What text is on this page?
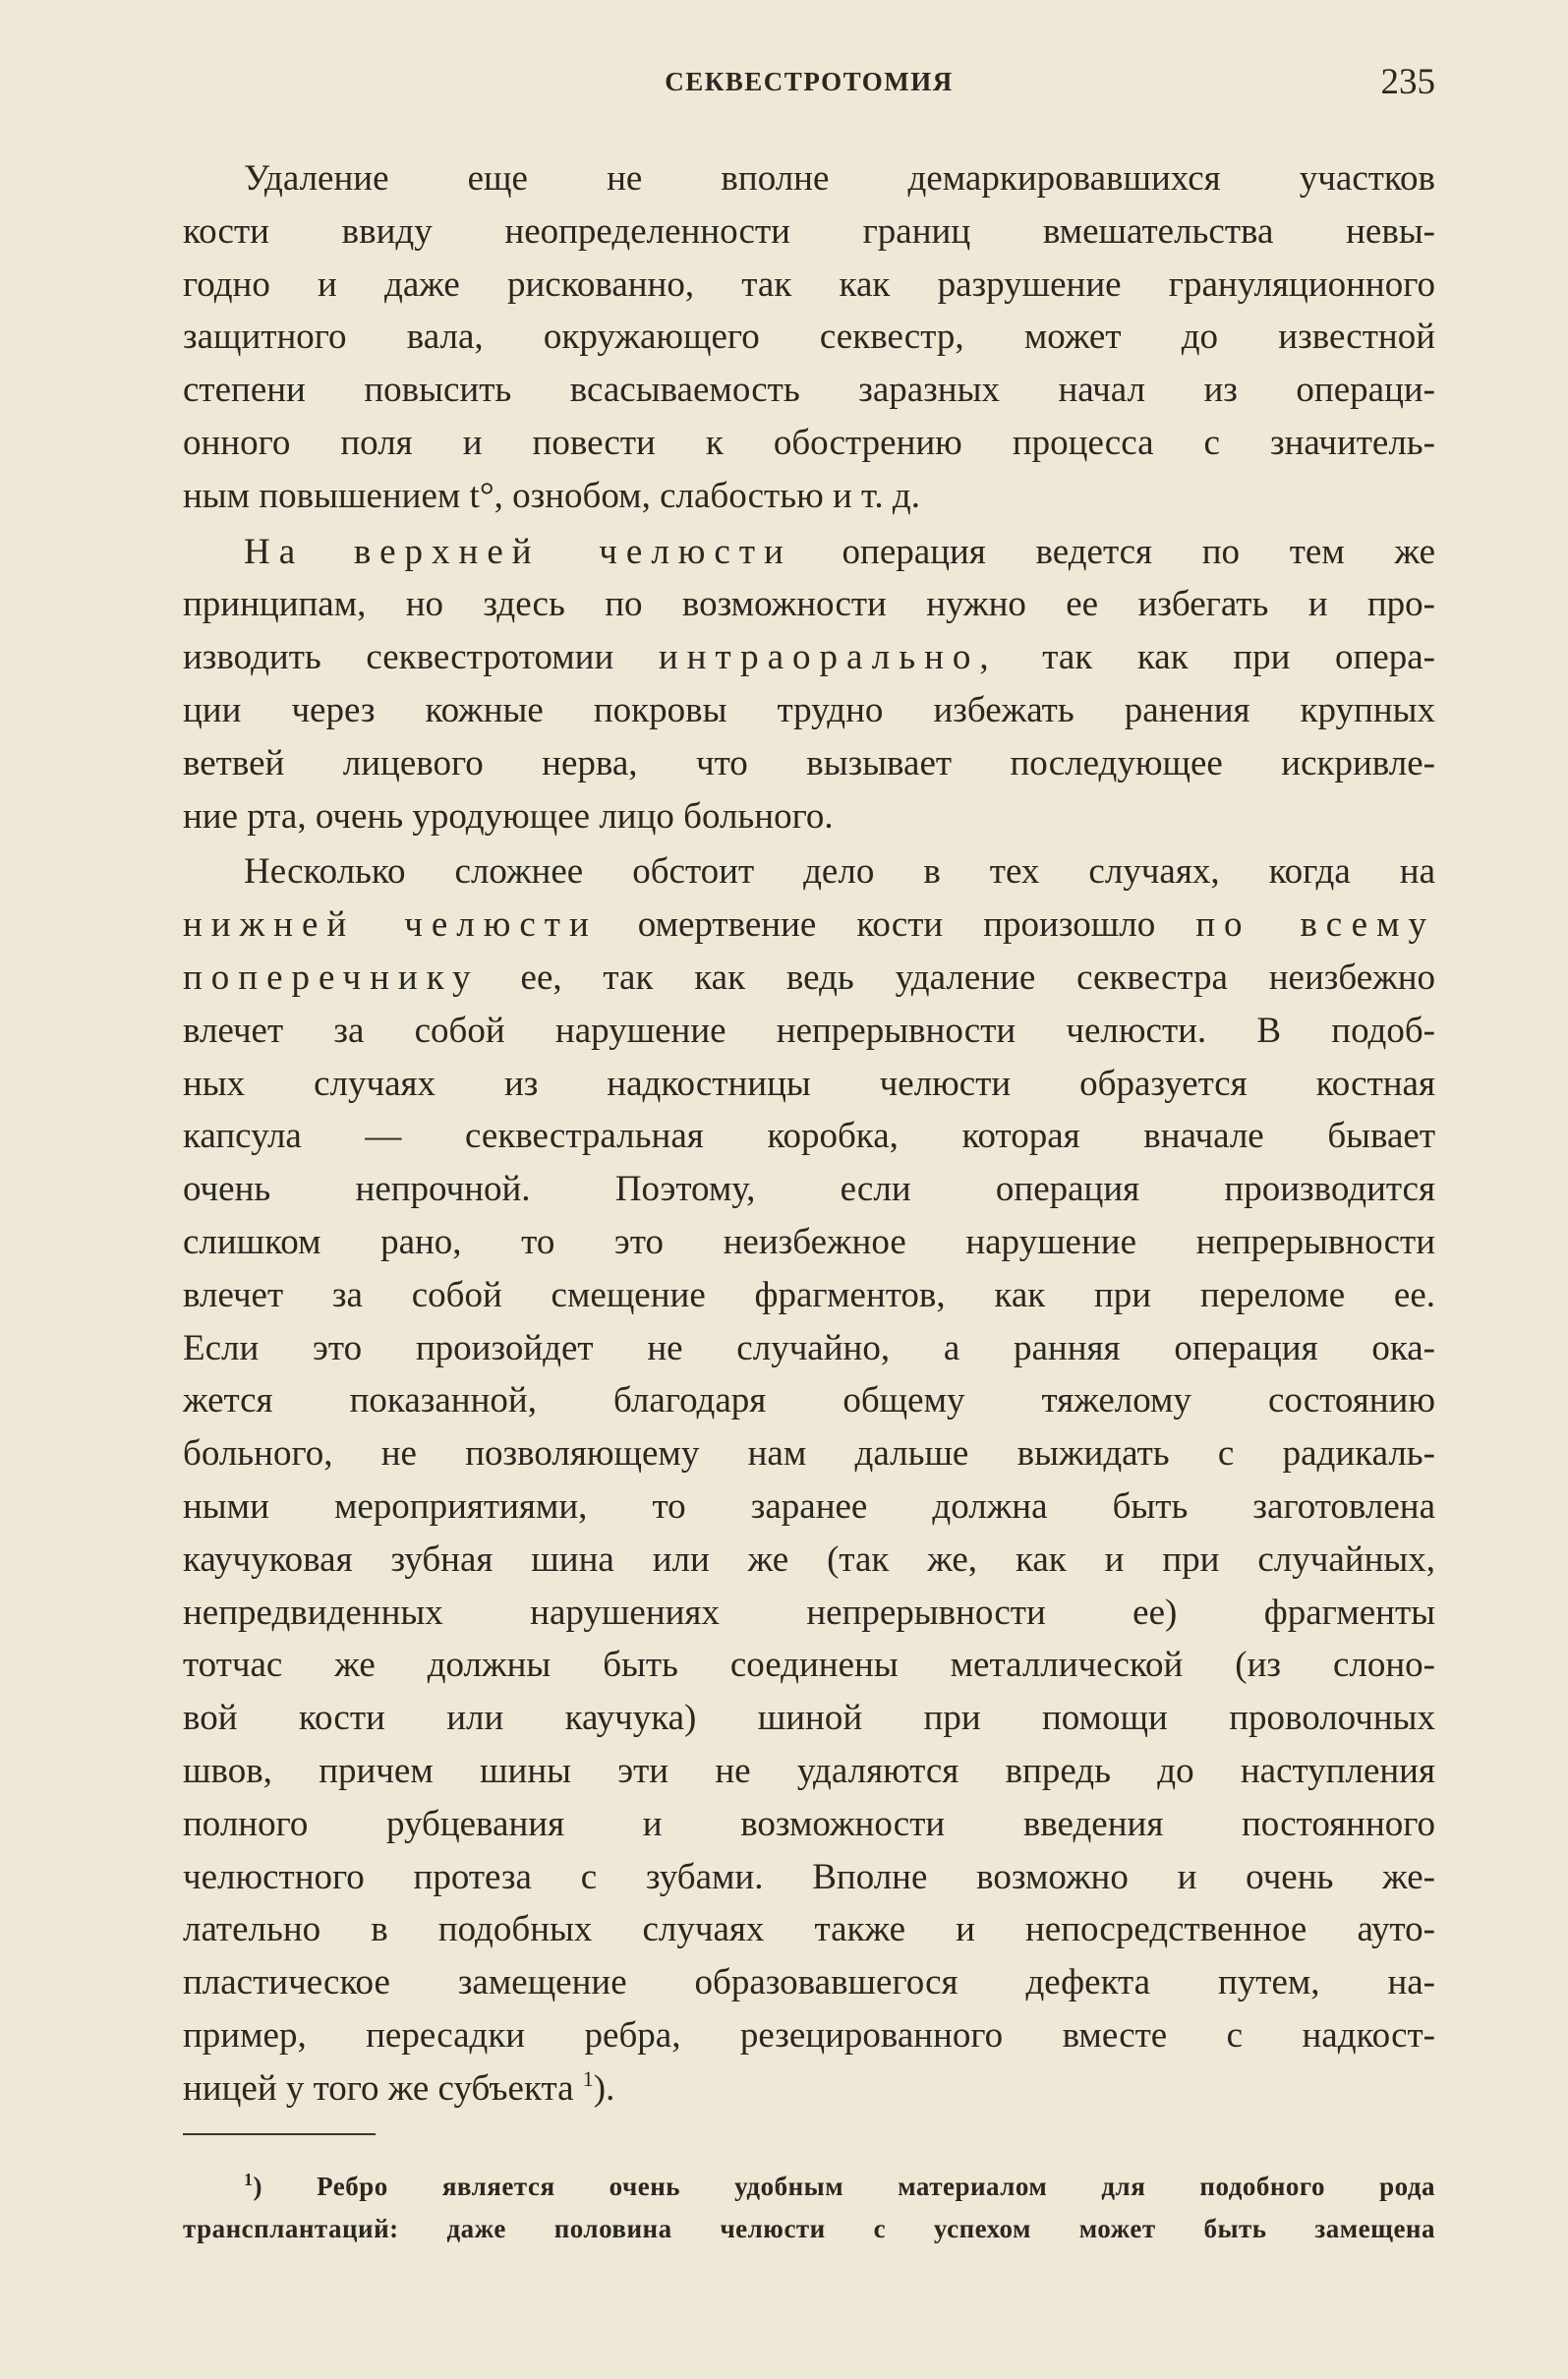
СЕКВЕСТРОТОМИЯ	235

Удаление еще не вполне демаркировавшихся участков

кости ввиду неопределенности границ вмешательства невы-

годно и даже рискованно, так как разрушение грануляционного

защитного вала, окружающего секвестр, может до известной

степени повысить всасываемость заразных начал из операци-

онного поля и повести к обострению процесса с значитель-

ным повышением t°, ознобом, слабостью и т. д.

На верхней челюсти операция ведется по тем же

принципам, но здесь по возможности нужно ее избегать и про-

изводить секвестротомии интраорально, так как при опера-

ции через кожные покровы трудно избежать ранения крупных

ветвей лицевого нерва, что вызывает последующее искривле-

ние рта, очень уродующее лицо больного.

Несколько сложнее обстоит дело в тех случаях, когда на

нижней челюсти омертвение кости произошло по всему

поперечнику ее, так как ведь удаление секвестра неизбежно

влечет за собой нарушение непрерывности челюсти. В подоб-

ных случаях из надкостницы челюсти образуется костная

капсула — секвестральная коробка, которая вначале бывает

очень непрочной. Поэтому, если операция производится

слишком рано, то это неизбежное нарушение непрерывности

влечет за собой смещение фрагментов, как при переломе ее.

Если это произойдет не случайно, а ранняя операция ока-

жется показанной, благодаря общему тяжелому состоянию

больного, не позволяющему нам дальше выжидать с радикаль-

ными мероприятиями, то заранее должна быть заготовлена

каучуковая зубная шина или же (так же, как и при случайных,

непредвиденных нарушениях непрерывности ее) фрагменты

тотчас же должны быть соединены металлической (из слоно-

вой кости или каучука) шиной при помощи проволочных

швов, причем шины эти не удаляются впредь до наступления

полного рубцевания и возможности введения постоянного

челюстного протеза с зубами. Вполне возможно и очень же-

лательно в подобных случаях также и непосредственное ауто-

пластическое замещение образовавшегося дефекта путем, на-

пример, пересадки ребра, резецированного вместе с надкост-

ницей у того же субъекта $^1$).

$^1$) Ребро является очень удобным материалом для подобного рода

трансплантаций: даже половина челюсти с успехом может быть замещена
